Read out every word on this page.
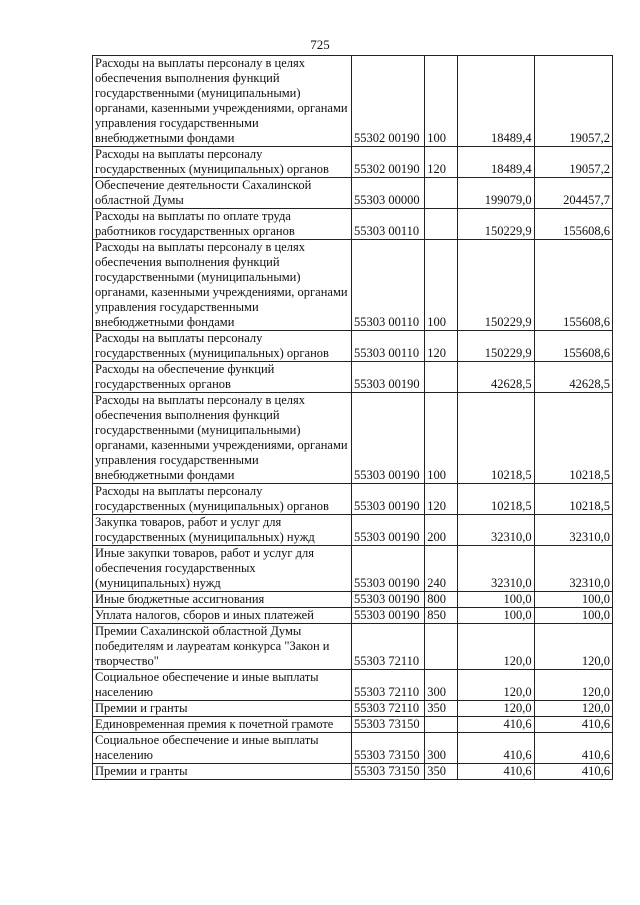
725
Расходы на выплаты персоналу в целях обеспечения выполнения функций государственными (муниципальными) органами, казенными учреждениями, органами управления государственными внебюджетными фондами	55302 00190	100	18489,4	19057,2
Расходы на выплаты персоналу государственных (муниципальных) органов	55302 00190	120	18489,4	19057,2
Обеспечение деятельности Сахалинской областной Думы	55303 00000		199079,0	204457,7
Расходы на выплаты по оплате труда работников государственных органов	55303 00110		150229,9	155608,6
Расходы на выплаты персоналу в целях обеспечения выполнения функций государственными (муниципальными) органами, казенными учреждениями, органами управления государственными внебюджетными фондами	55303 00110	100	150229,9	155608,6
Расходы на выплаты персоналу государственных (муниципальных) органов	55303 00110	120	150229,9	155608,6
Расходы на обеспечение функций государственных органов	55303 00190		42628,5	42628,5
Расходы на выплаты персоналу в целях обеспечения выполнения функций государственными (муниципальными) органами, казенными учреждениями, органами управления государственными внебюджетными фондами	55303 00190	100	10218,5	10218,5
Расходы на выплаты персоналу государственных (муниципальных) органов	55303 00190	120	10218,5	10218,5
Закупка товаров, работ и услуг для государственных (муниципальных) нужд	55303 00190	200	32310,0	32310,0
Иные закупки товаров, работ и услуг для обеспечения государственных (муниципальных) нужд	55303 00190	240	32310,0	32310,0
Иные бюджетные ассигнования	55303 00190	800	100,0	100,0
Уплата налогов, сборов и иных платежей	55303 00190	850	100,0	100,0
Премии Сахалинской областной Думы победителям и лауреатам конкурса "Закон и творчество"	55303 72110		120,0	120,0
Социальное обеспечение и иные выплаты населению	55303 72110	300	120,0	120,0
Премии и гранты	55303 72110	350	120,0	120,0
Единовременная премия к почетной грамоте	55303 73150		410,6	410,6
Социальное обеспечение и иные выплаты населению	55303 73150	300	410,6	410,6
Премии и гранты	55303 73150	350	410,6	410,6
